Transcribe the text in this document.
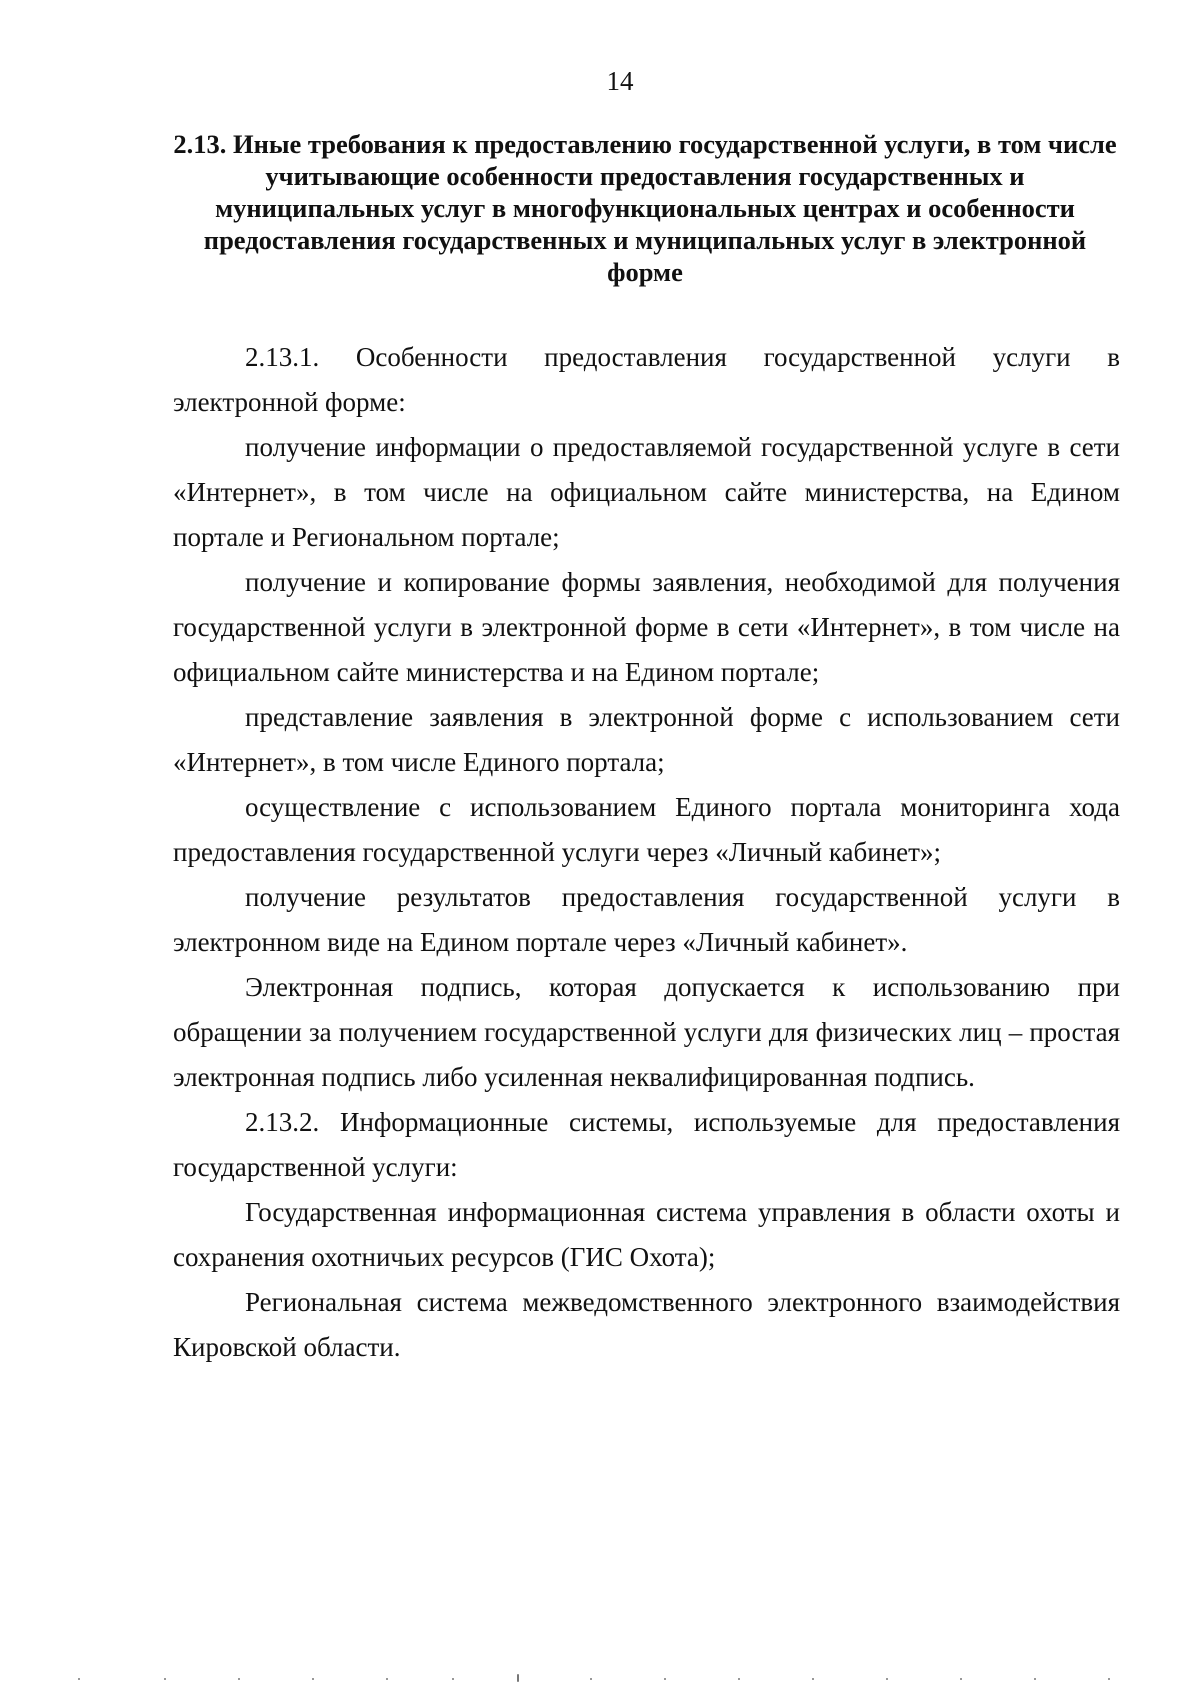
14
2.13. Иные требования к предоставлению государственной услуги, в том числе учитывающие особенности предоставления государственных и муниципальных услуг в многофункциональных центрах и особенности предоставления государственных и муниципальных услуг в электронной форме

2.13.1. Особенности предоставления государственной услуги в электронной форме:

получение информации о предоставляемой государственной услуге в сети «Интернет», в том числе на официальном сайте министерства, на Едином портале и Региональном портале;

получение и копирование формы заявления, необходимой для получения государственной услуги в электронной форме в сети «Интернет», в том числе на официальном сайте министерства и на Едином портале;

представление заявления в электронной форме с использованием сети «Интернет», в том числе Единого портала;

осуществление с использованием Единого портала мониторинга хода предоставления государственной услуги через «Личный кабинет»;

получение результатов предоставления государственной услуги в электронном виде на Едином портале через «Личный кабинет».

Электронная подпись, которая допускается к использованию при обращении за получением государственной услуги для физических лиц – простая электронная подпись либо усиленная неквалифицированная подпись.

2.13.2. Информационные системы, используемые для предоставления государственной услуги:

Государственная информационная система управления в области охоты и сохранения охотничьих ресурсов (ГИС Охота);

Региональная система межведомственного электронного взаимодействия Кировской области.
